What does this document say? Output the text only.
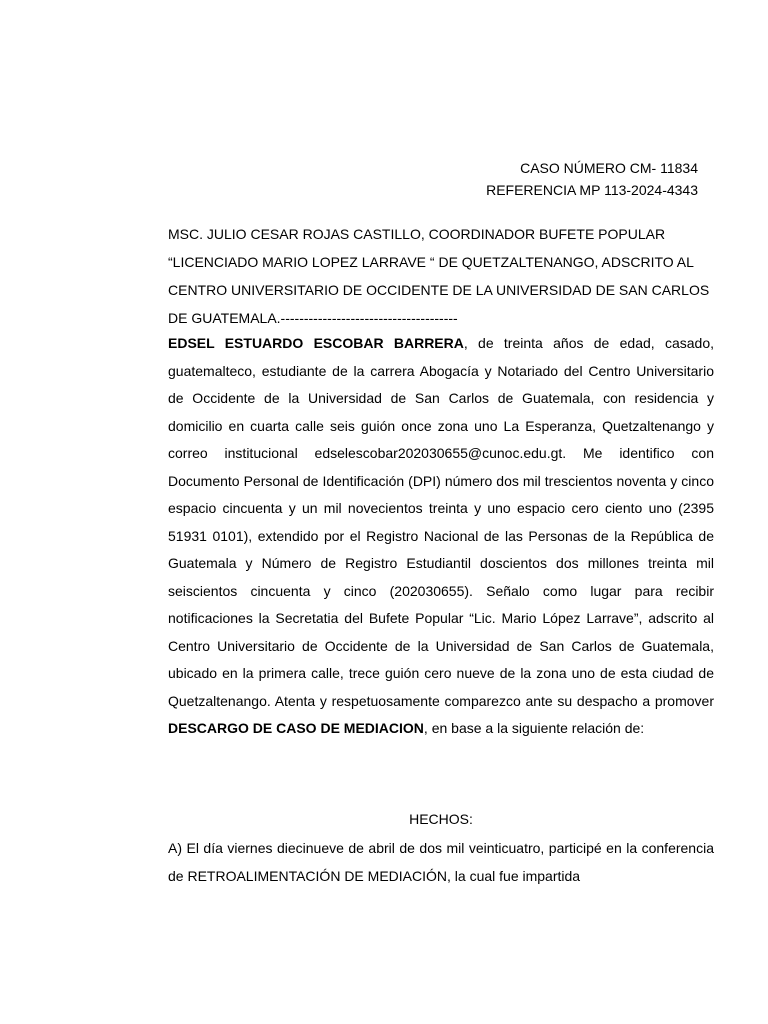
CASO NÚMERO CM- 11834
REFERENCIA MP 113-2024-4343
MSC. JULIO CESAR ROJAS CASTILLO, COORDINADOR BUFETE POPULAR “LICENCIADO MARIO LOPEZ LARRAVE “ DE QUETZALTENANGO, ADSCRITO AL CENTRO UNIVERSITARIO DE OCCIDENTE DE LA UNIVERSIDAD DE SAN CARLOS DE GUATEMALA.--------------------------------------
EDSEL ESTUARDO ESCOBAR BARRERA, de treinta años de edad, casado, guatemalteco, estudiante de la carrera Abogacía y Notariado del Centro Universitario de Occidente de la Universidad de San Carlos de Guatemala, con residencia y domicilio en cuarta calle seis guión once zona uno La Esperanza, Quetzaltenango y correo institucional edselescobar202030655@cunoc.edu.gt. Me identifico con Documento Personal de Identificación (DPI) número dos mil trescientos noventa y cinco espacio cincuenta y un mil novecientos treinta y uno espacio cero ciento uno (2395 51931 0101), extendido por el Registro Nacional de las Personas de la República de Guatemala y Número de Registro Estudiantil doscientos dos millones treinta mil seiscientos cincuenta y cinco (202030655). Señalo como lugar para recibir notificaciones la Secretatia del Bufete Popular “Lic. Mario López Larrave”, adscrito al Centro Universitario de Occidente de la Universidad de San Carlos de Guatemala, ubicado en la primera calle, trece guión cero nueve de la zona uno de esta ciudad de Quetzaltenango. Atenta y respetuosamente comparezco ante su despacho a promover DESCARGO DE CASO DE MEDIACION, en base a la siguiente relación de:
HECHOS:
A) El día viernes diecinueve de abril de dos mil veinticuatro, participé en la conferencia de RETROALIMENTACIÓN DE MEDIACIÓN, la cual fue impartida
